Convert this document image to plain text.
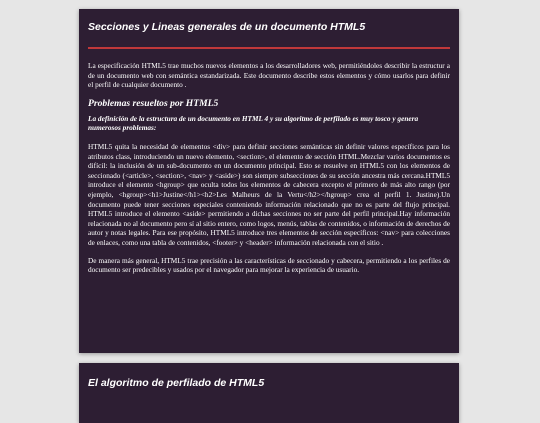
Secciones y Lineas generales de un documento HTML5

La especificación HTML5 trae muchos nuevos elementos a los desarrolladores web, permitiéndoles describir la estructur a de un documento web con semántica estandarizada. Este documento describe estos elementos y cómo usarlos para definir el perfil de cualquier documento .

Problemas resueltos por HTML5
La definición de la estructura de un documento en HTML 4 y su algoritmo de perfilado es muy tosco y genera numerosos problemas:

HTML5 quita la necesidad de elementos <div> para definir secciones semánticas sin definir valores específicos para los atributos class, introduciendo un nuevo elemento, <section>, el elemento de sección HTML.Mezclar varios documentos es difícil: la inclusión de un sub-documento en un documento principal. Esto se resuelve en HTML5 con los elementos de seccionado (<article>, <section>, <nav> y <aside>) son siempre subsecciones de su sección ancestra más cercana.HTML5 introduce el elemento <hgroup> que oculta todos los elementos de cabecera excepto el primero de más alto rango (por ejemplo, <hgroup><h1>Justine</h1><h2>Les Malheurs de la Vertu</h2></hgroup> crea el perfil 1. Justine).Un documento puede tener secciones especiales conteniendo información relacionado que no es parte del flujo principal. HTML5 introduce el elemento <aside> permitiendo a dichas secciones no ser parte del perfil principal.Hay información relacionada no al documento pero sí al sitio entero, como logos, menús, tablas de contenidos, o información de derechos de autor y notas legales. Para ese propósito, HTML5 introduce tres elementos de sección específicos: <nav> para colecciones de enlaces, como una tabla de contenidos, <footer> y <header> información relacionada con el sitio .

De manera más general, HTML5 trae precisión a las características de seccionado y cabecera, permitiendo a los perfiles de documento ser predecibles y usados por el navegador para mejorar la experiencia de usuario.

El algoritmo de perfilado de HTML5
